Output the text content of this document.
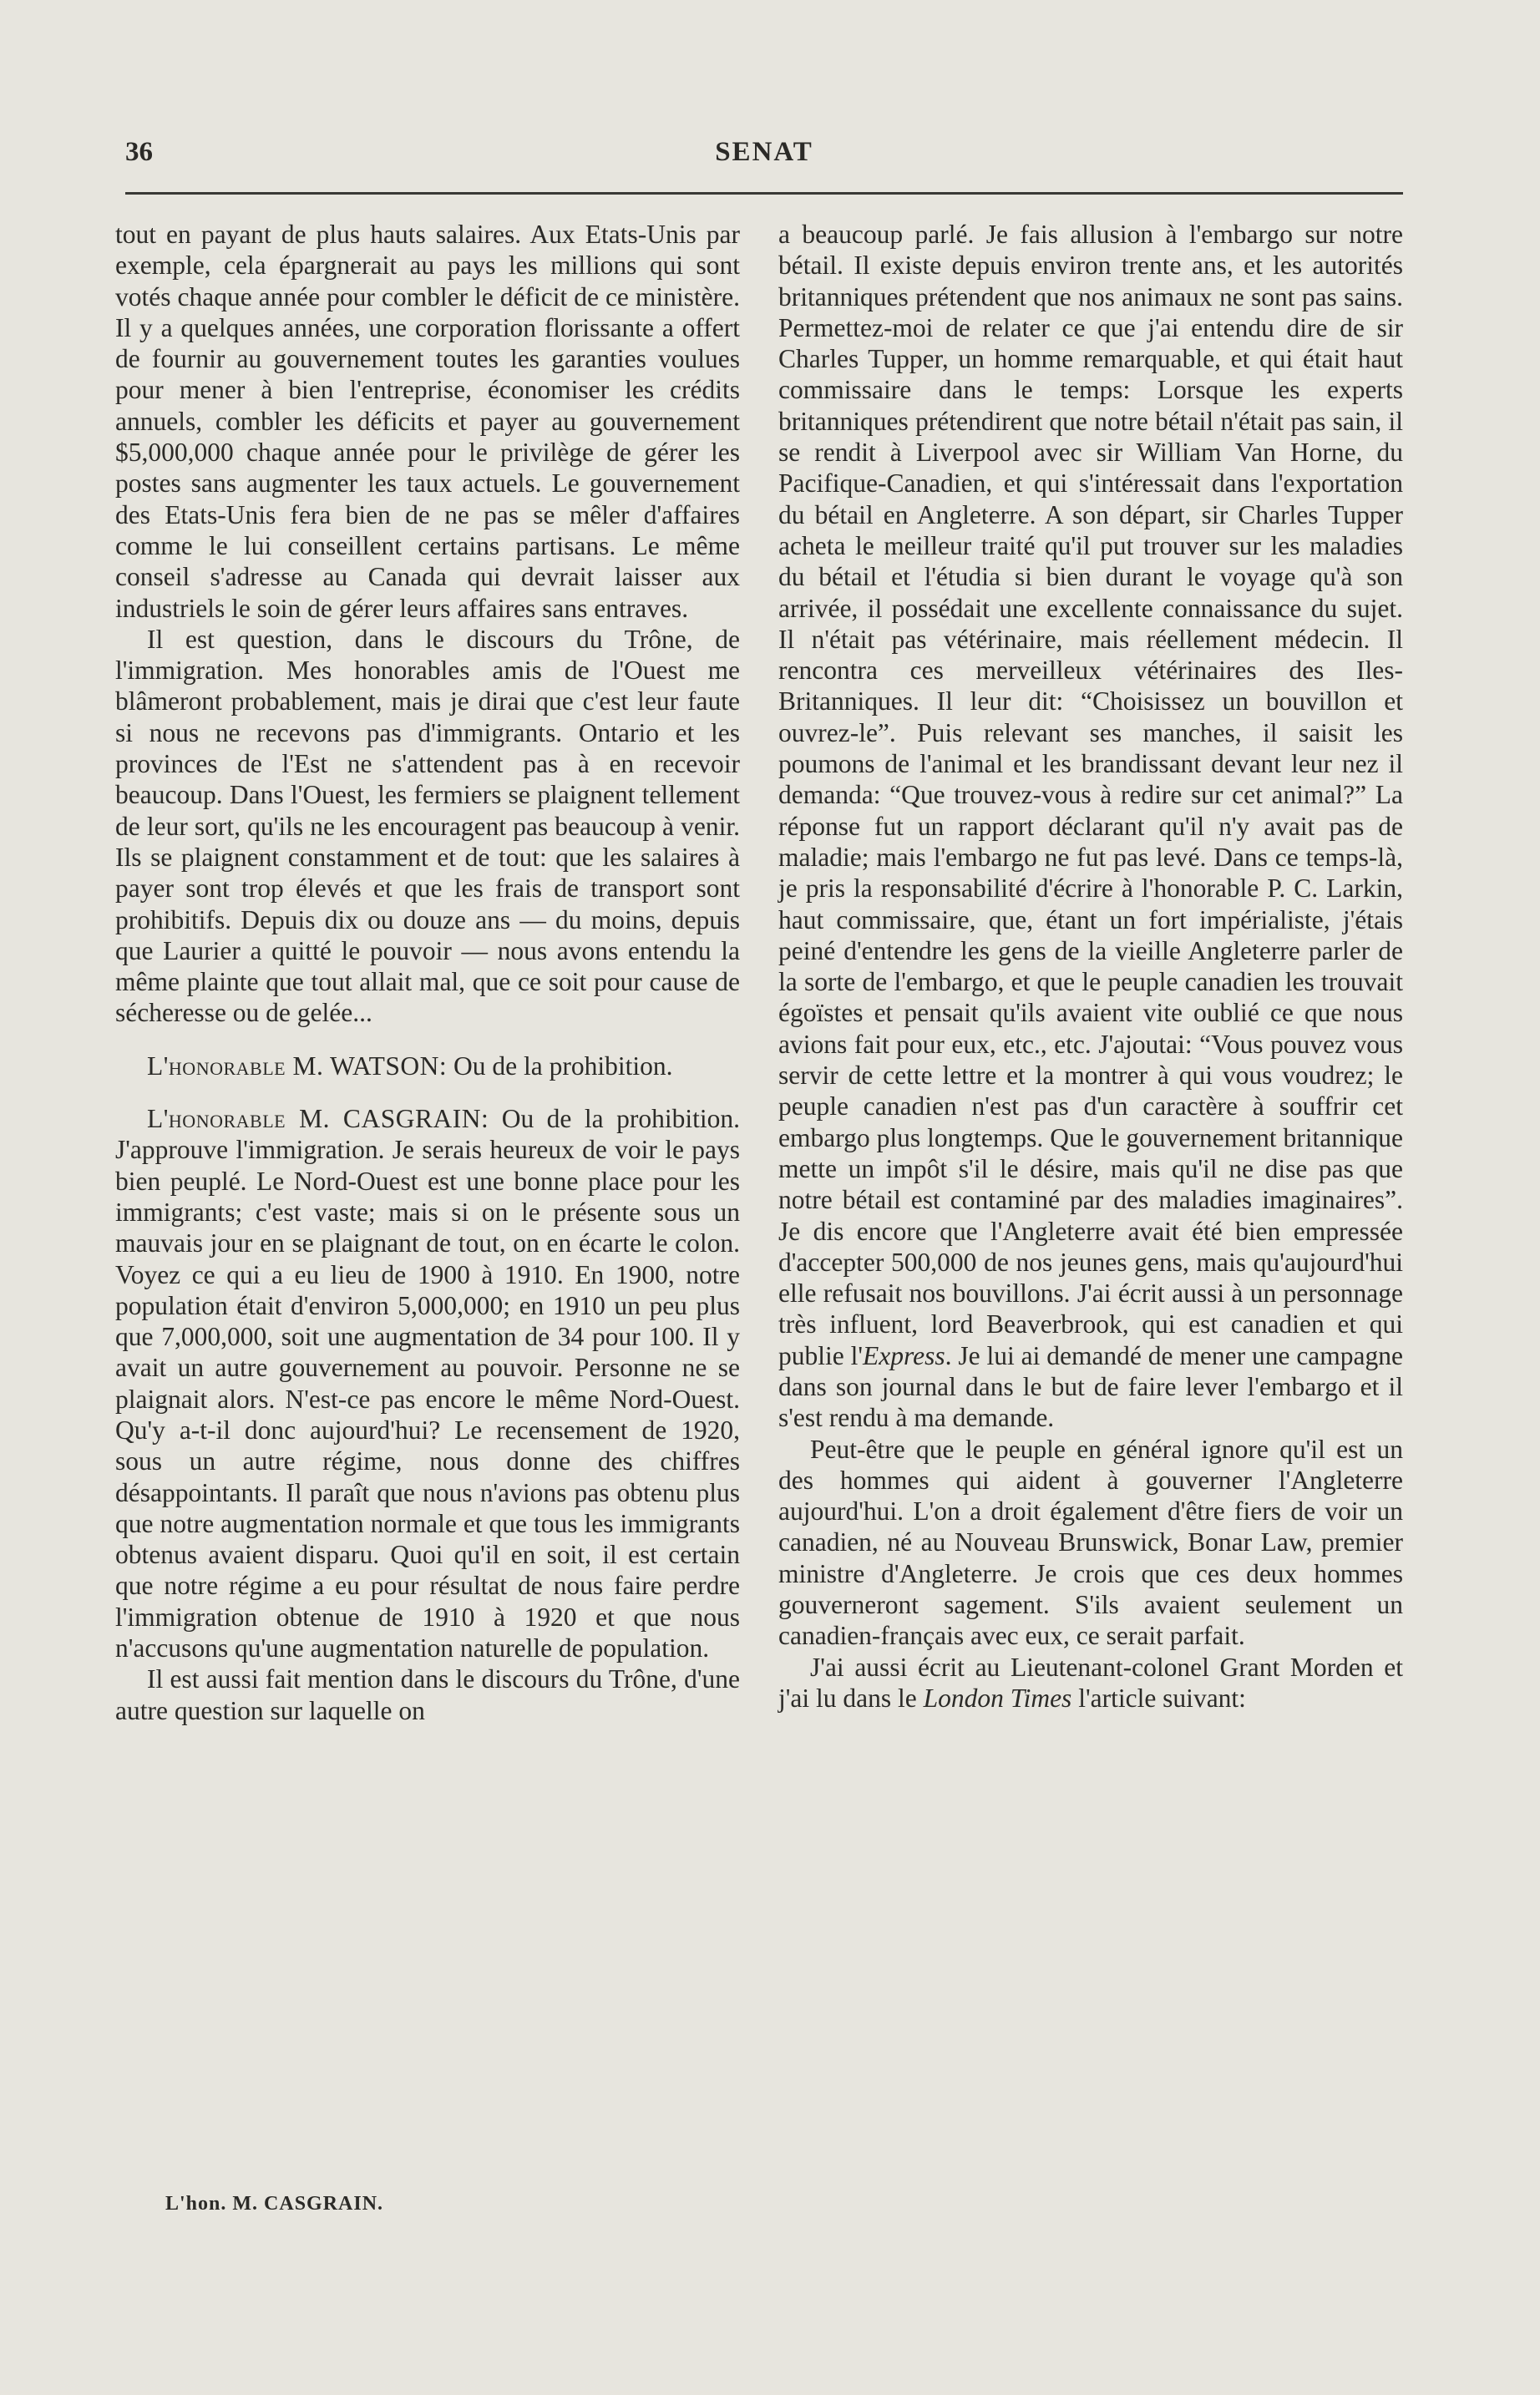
36	SENAT

tout en payant de plus hauts salaires. Aux Etats-Unis par exemple, cela épargnerait au pays les millions qui sont votés chaque année pour combler le déficit de ce ministère. Il y a quelques années, une corporation florissante a offert de fournir au gouvernement toutes les garanties voulues pour mener à bien l'entreprise, économiser les crédits annuels, combler les déficits et payer au gouvernement $5,000,000 chaque année pour le privilège de gérer les postes sans augmenter les taux actuels. Le gouvernement des Etats-Unis fera bien de ne pas se mêler d'affaires comme le lui conseillent certains partisans. Le même conseil s'adresse au Canada qui devrait laisser aux industriels le soin de gérer leurs affaires sans entraves.

Il est question, dans le discours du Trône, de l'immigration. Mes honorables amis de l'Ouest me blâmeront probablement, mais je dirai que c'est leur faute si nous ne recevons pas d'immigrants. Ontario et les provinces de l'Est ne s'attendent pas à en recevoir beaucoup. Dans l'Ouest, les fermiers se plaignent tellement de leur sort, qu'ils ne les encouragent pas beaucoup à venir. Ils se plaignent constamment et de tout: que les salaires à payer sont trop élevés et que les frais de transport sont prohibitifs. Depuis dix ou douze ans — du moins, depuis que Laurier a quitté le pouvoir — nous avons entendu la même plainte que tout allait mal, que ce soit pour cause de sécheresse ou de gelée...

L'honorable M. WATSON: Ou de la prohibition.

L'honorable M. CASGRAIN: Ou de la prohibition. J'approuve l'immigration. Je serais heureux de voir le pays bien peuplé. Le Nord-Ouest est une bonne place pour les immigrants; c'est vaste; mais si on le présente sous un mauvais jour en se plaignant de tout, on en écarte le colon. Voyez ce qui a eu lieu de 1900 à 1910. En 1900, notre population était d'environ 5,000,000; en 1910 un peu plus que 7,000,000, soit une augmentation de 34 pour 100. Il y avait un autre gouvernement au pouvoir. Personne ne se plaignait alors. N'est-ce pas encore le même Nord-Ouest. Qu'y a-t-il donc aujourd'hui? Le recensement de 1920, sous un autre régime, nous donne des chiffres désappointants. Il paraît que nous n'avions pas obtenu plus que notre augmentation normale et que tous les immigrants obtenus avaient disparu. Quoi qu'il en soit, il est certain que notre régime a eu pour résultat de nous faire perdre l'immigration obtenue de 1910 à 1920 et que nous n'accusons qu'une augmentation naturelle de population.

Il est aussi fait mention dans le discours du Trône, d'une autre question sur laquelle on

a beaucoup parlé. Je fais allusion à l'embargo sur notre bétail. Il existe depuis environ trente ans, et les autorités britanniques prétendent que nos animaux ne sont pas sains. Permettez-moi de relater ce que j'ai entendu dire de sir Charles Tupper, un homme remarquable, et qui était haut commissaire dans le temps: Lorsque les experts britanniques prétendirent que notre bétail n'était pas sain, il se rendit à Liverpool avec sir William Van Horne, du Pacifique-Canadien, et qui s'intéressait dans l'exportation du bétail en Angleterre. A son départ, sir Charles Tupper acheta le meilleur traité qu'il put trouver sur les maladies du bétail et l'étudia si bien durant le voyage qu'à son arrivée, il possédait une excellente connaissance du sujet. Il n'était pas vétérinaire, mais réellement médecin. Il rencontra ces merveilleux vétérinaires des Iles-Britanniques. Il leur dit: “Choisissez un bouvillon et ouvrez-le”. Puis relevant ses manches, il saisit les poumons de l'animal et les brandissant devant leur nez il demanda: “Que trouvez-vous à redire sur cet animal?” La réponse fut un rapport déclarant qu'il n'y avait pas de maladie; mais l'embargo ne fut pas levé. Dans ce temps-là, je pris la responsabilité d'écrire à l'honorable P. C. Larkin, haut commissaire, que, étant un fort impérialiste, j'étais peiné d'entendre les gens de la vieille Angleterre parler de la sorte de l'embargo, et que le peuple canadien les trouvait égoïstes et pensait qu'ils avaient vite oublié ce que nous avions fait pour eux, etc., etc. J'ajoutai: “Vous pouvez vous servir de cette lettre et la montrer à qui vous voudrez; le peuple canadien n'est pas d'un caractère à souffrir cet embargo plus longtemps. Que le gouvernement britannique mette un impôt s'il le désire, mais qu'il ne dise pas que notre bétail est contaminé par des maladies imaginaires”. Je dis encore que l'Angleterre avait été bien empressée d'accepter 500,000 de nos jeunes gens, mais qu'aujourd'hui elle refusait nos bouvillons. J'ai écrit aussi à un personnage très influent, lord Beaverbrook, qui est canadien et qui publie l'Express. Je lui ai demandé de mener une campagne dans son journal dans le but de faire lever l'embargo et il s'est rendu à ma demande.

Peut-être que le peuple en général ignore qu'il est un des hommes qui aident à gouverner l'Angleterre aujourd'hui. L'on a droit également d'être fiers de voir un canadien, né au Nouveau Brunswick, Bonar Law, premier ministre d'Angleterre. Je crois que ces deux hommes gouverneront sagement. S'ils avaient seulement un canadien-français avec eux, ce serait parfait.

J'ai aussi écrit au Lieutenant-colonel Grant Morden et j'ai lu dans le London Times l'article suivant:

L'hon. M. CASGRAIN.
